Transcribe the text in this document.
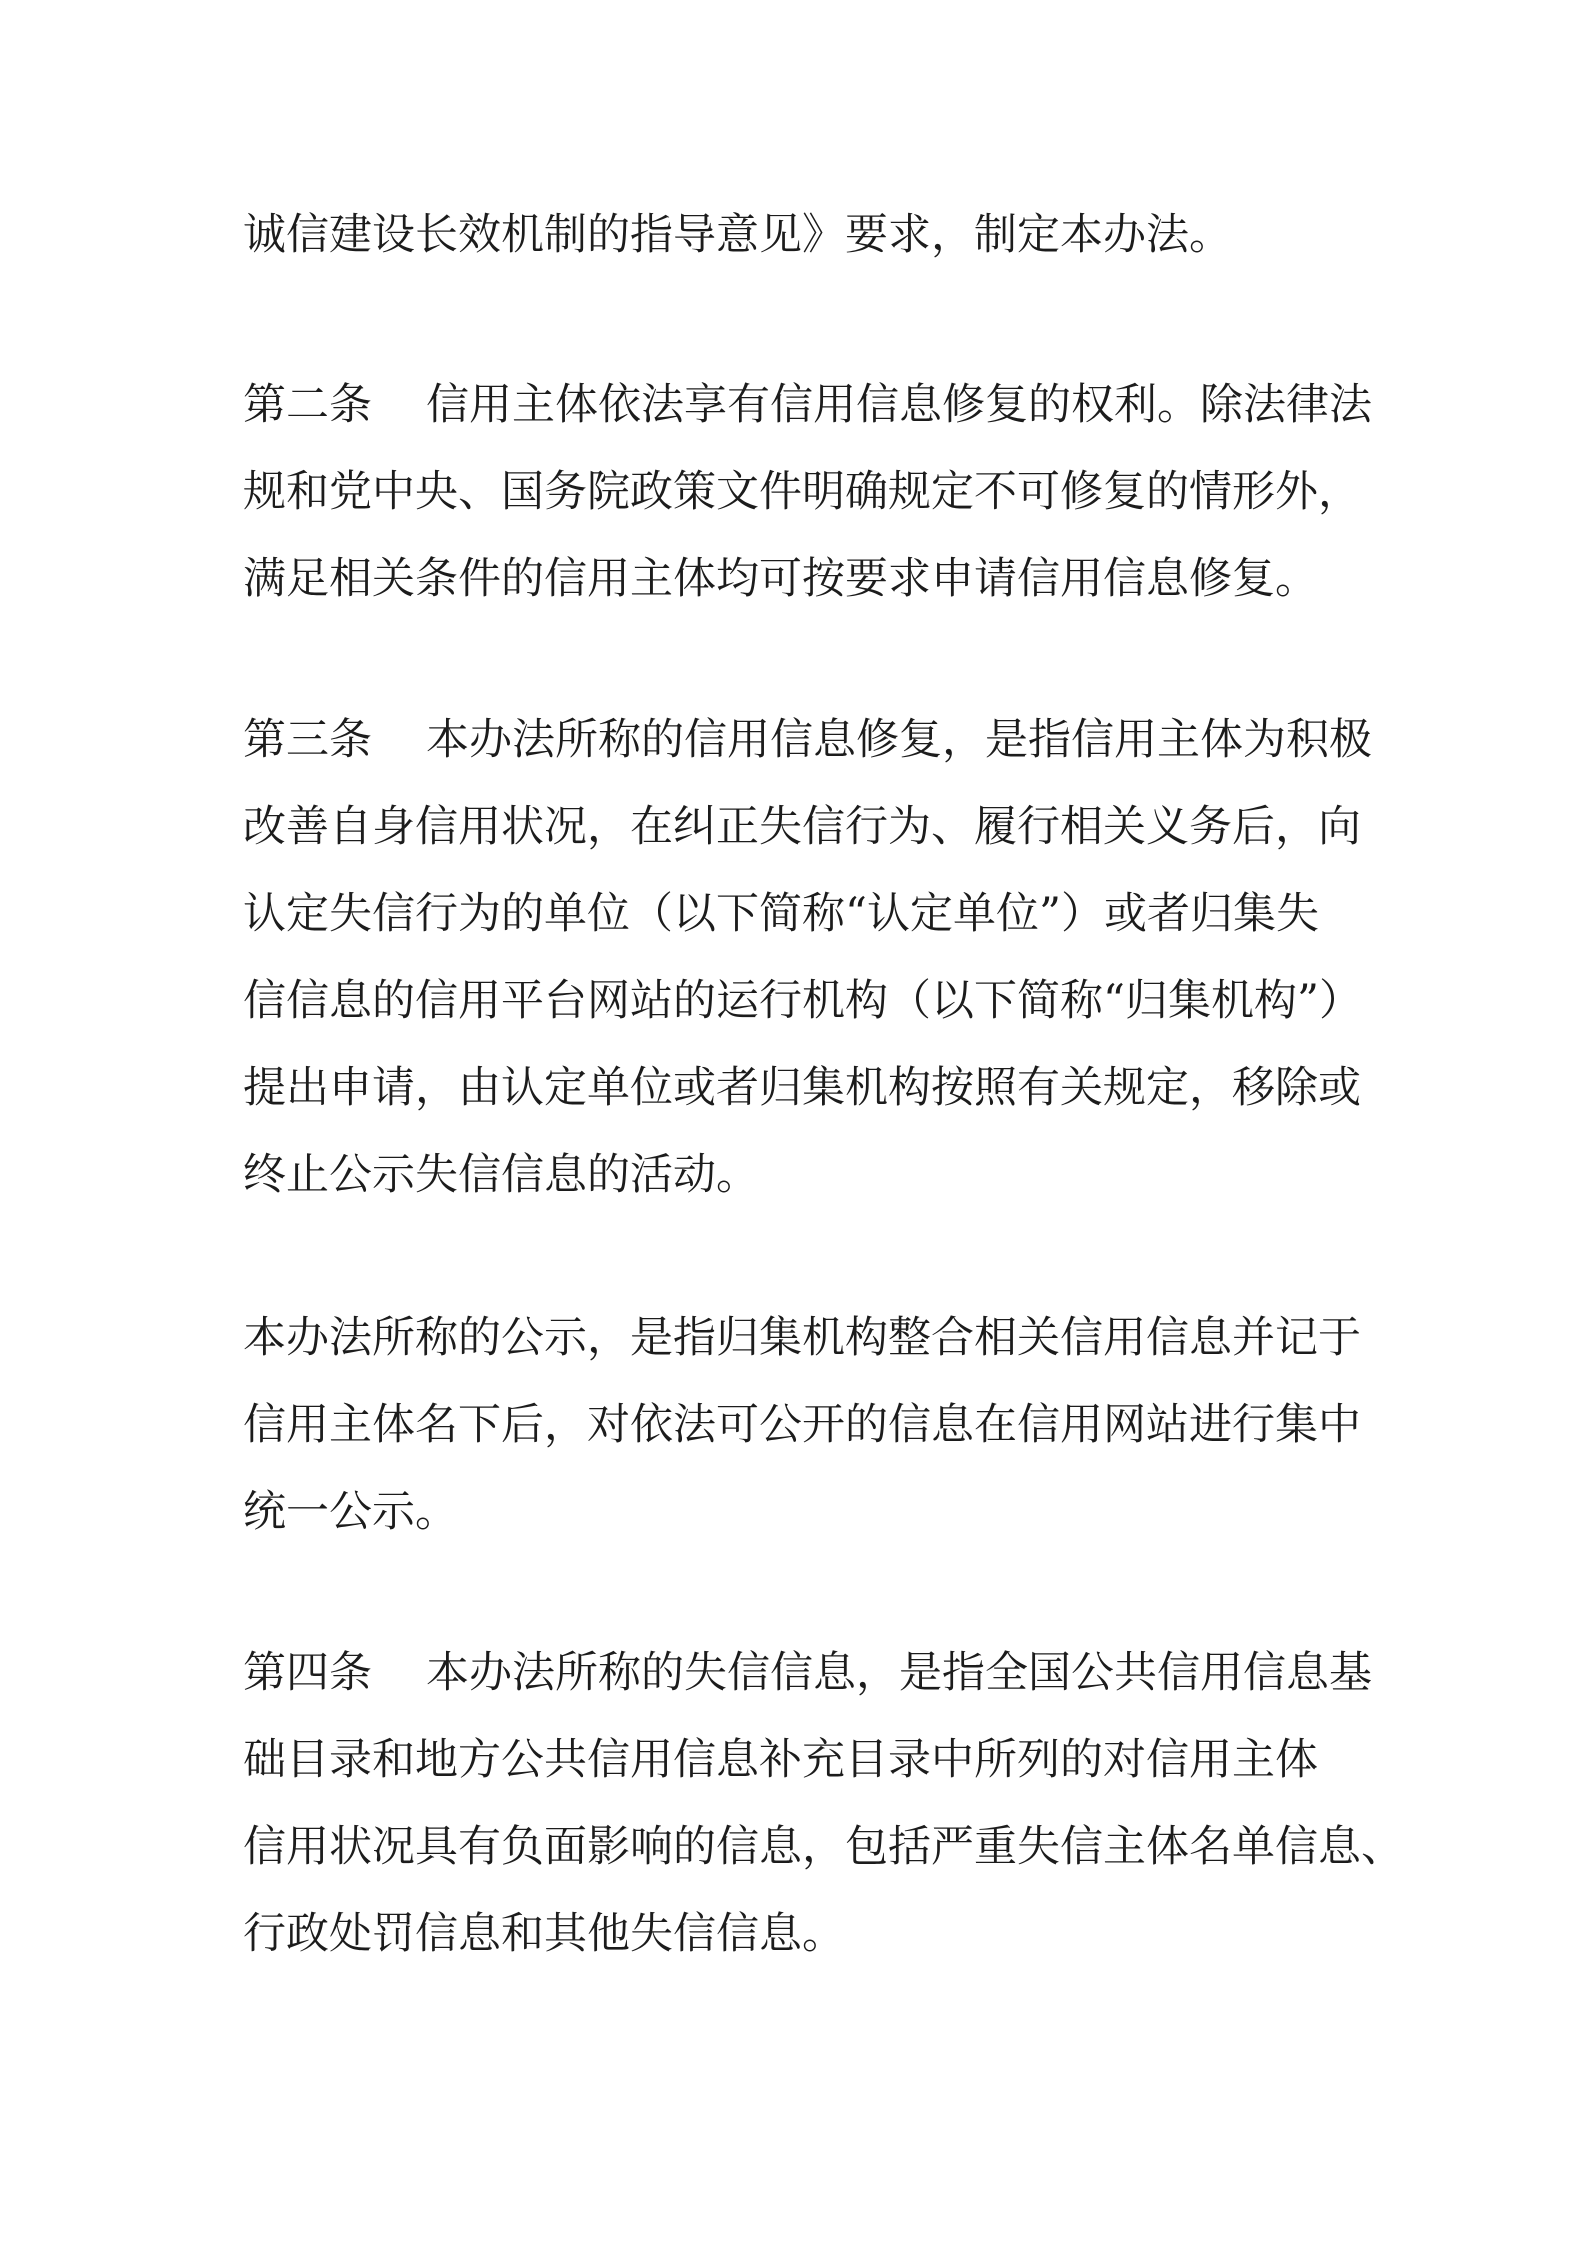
诚信建设长效机制的指导意见》要求，制定本办法。

第二条 信用主体依法享有信用信息修复的权利。除法律法

规和党中央、国务院政策文件明确规定不可修复的情形外，

满足相关条件的信用主体均可按要求申请信用信息修复。

第三条 本办法所称的信用信息修复，是指信用主体为积极

改善自身信用状况，在纠正失信行为、履行相关义务后，向

认定失信行为的单位（以下简称“认定单位”）或者归集失

信信息的信用平台网站的运行机构（以下简称“归集机构”）

提出申请，由认定单位或者归集机构按照有关规定，移除或

终止公示失信信息的活动。

本办法所称的公示，是指归集机构整合相关信用信息并记于

信用主体名下后，对依法可公开的信息在信用网站进行集中

统一公示。

第四条 本办法所称的失信信息，是指全国公共信用信息基

础目录和地方公共信用信息补充目录中所列的对信用主体

信用状况具有负面影响的信息，包括严重失信主体名单信息、

行政处罚信息和其他失信信息。
